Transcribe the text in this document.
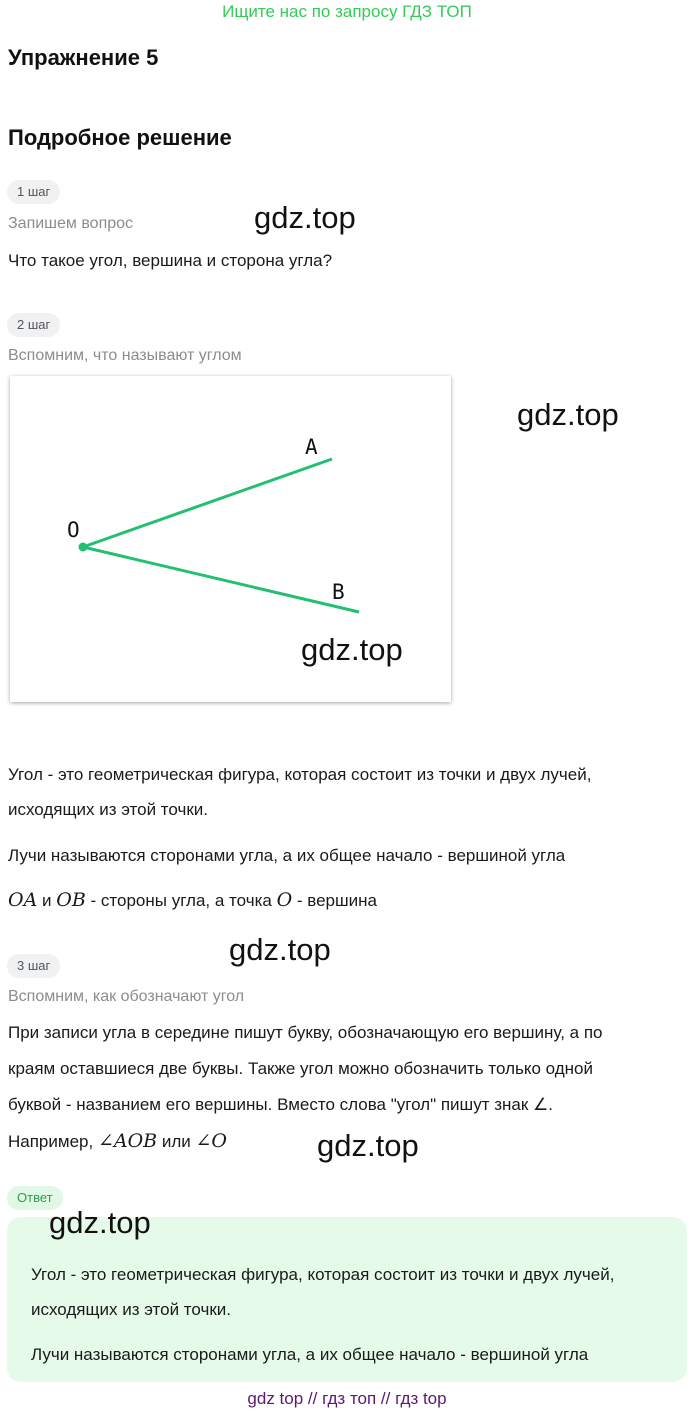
Ищите нас по запросу ГДЗ ТОП
Упражнение 5
Подробное решение
1 шаг
Запишем вопрос	gdz.top
Что такое угол, вершина и сторона угла?
2 шаг
Вспомним, что называют углом
gdz.top
O
A
B
gdz.top
Угол - это геометрическая фигура, которая состоит из точки и двух лучей,
исходящих из этой точки.
Лучи называются сторонами угла, а их общее начало - вершиной угла
OA и OB - стороны угла, а точка O - вершина
gdz.top
3 шаг
Вспомним, как обозначают угол
При записи угла в середине пишут букву, обозначающую его вершину, а по
краям оставшиеся две буквы. Также угол можно обозначить только одной
буквой - названием его вершины. Вместо слова "угол" пишут знак ∠.
Например, ∠AOB или ∠O	gdz.top
Ответ
Угол - это геометрическая фигура, которая состоит из точки и двух лучей,
исходящих из этой точки.
Лучи называются сторонами угла, а их общее начало - вершиной угла
gdz.top
gdz top // гдз топ // гдз top
